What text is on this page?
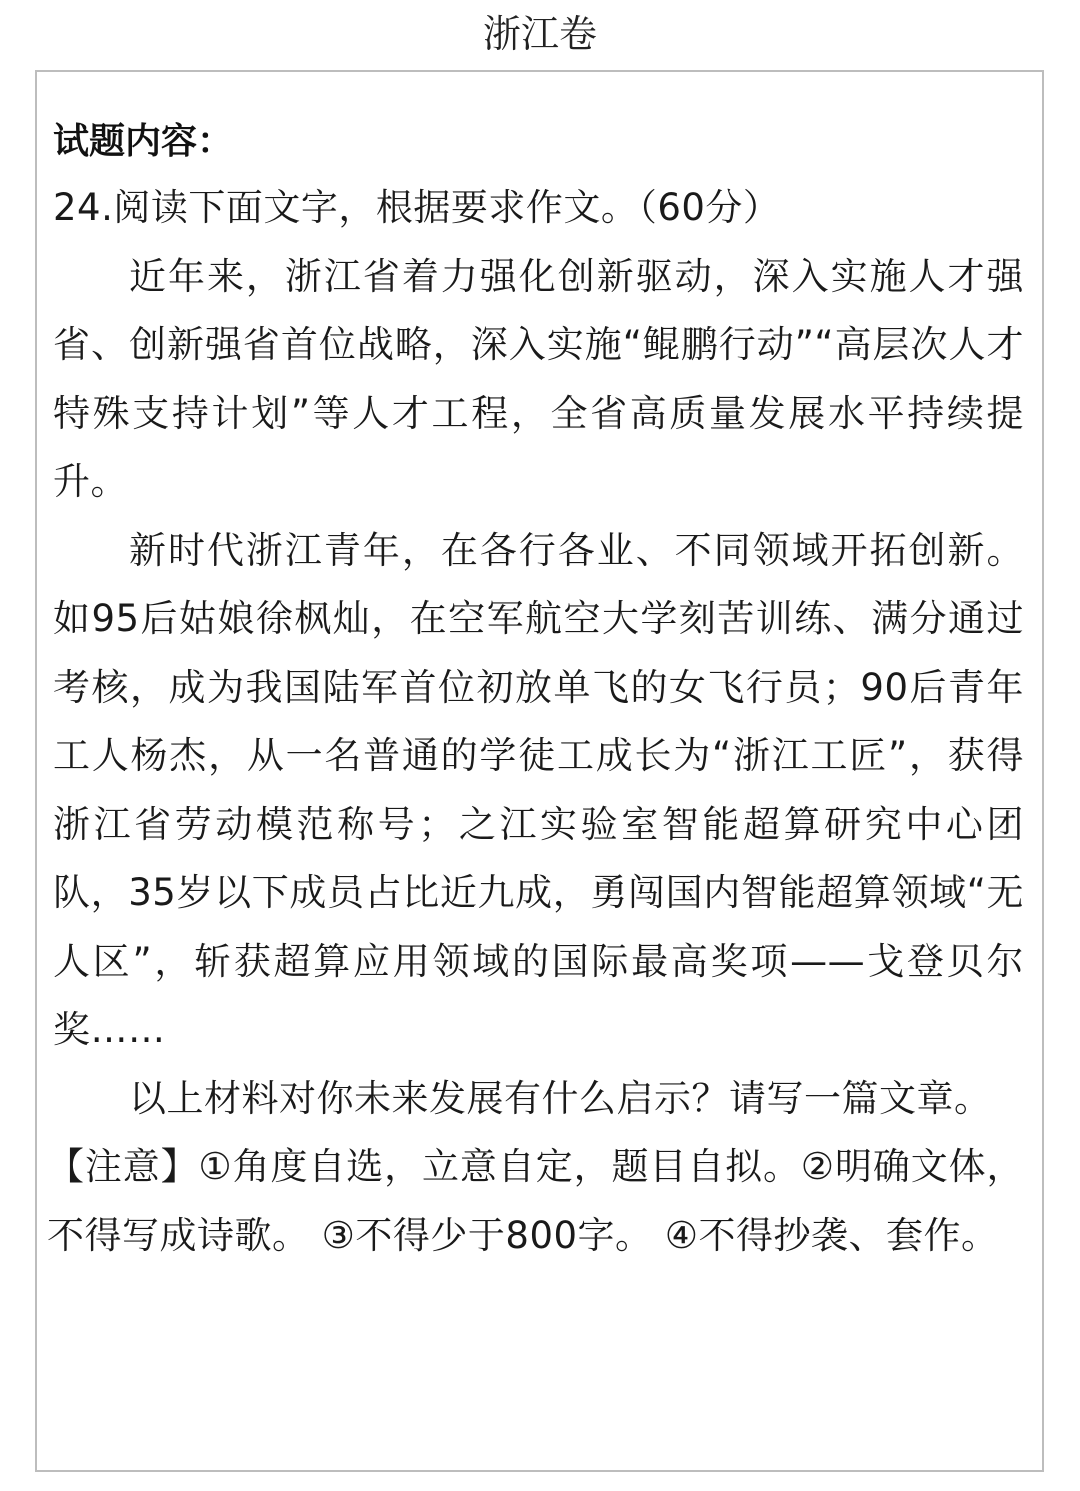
浙江卷

试题内容：

24.阅读下面文字，根据要求作文。（60分）

近年来，浙江省着力强化创新驱动，深入实施人才强省、创新强省首位战略，深入实施“鲲鹏行动”“高层次人才特殊支持计划”等人才工程，全省高质量发展水平持续提升。

新时代浙江青年，在各行各业、不同领域开拓创新。如95后姑娘徐枫灿，在空军航空大学刻苦训练、满分通过考核，成为我国陆军首位初放单飞的女飞行员；90后青年工人杨杰，从一名普通的学徒工成长为“浙江工匠”，获得浙江省劳动模范称号；之江实验室智能超算研究中心团队，35岁以下成员占比近九成，勇闯国内智能超算领域“无人区”，斩获超算应用领域的国际最高奖项——戈登贝尔奖……

以上材料对你未来发展有什么启示？请写一篇文章。

【注意】①角度自选，立意自定，题目自拟。②明确文体，不得写成诗歌。 ③不得少于800字。 ④不得抄袭、套作。
